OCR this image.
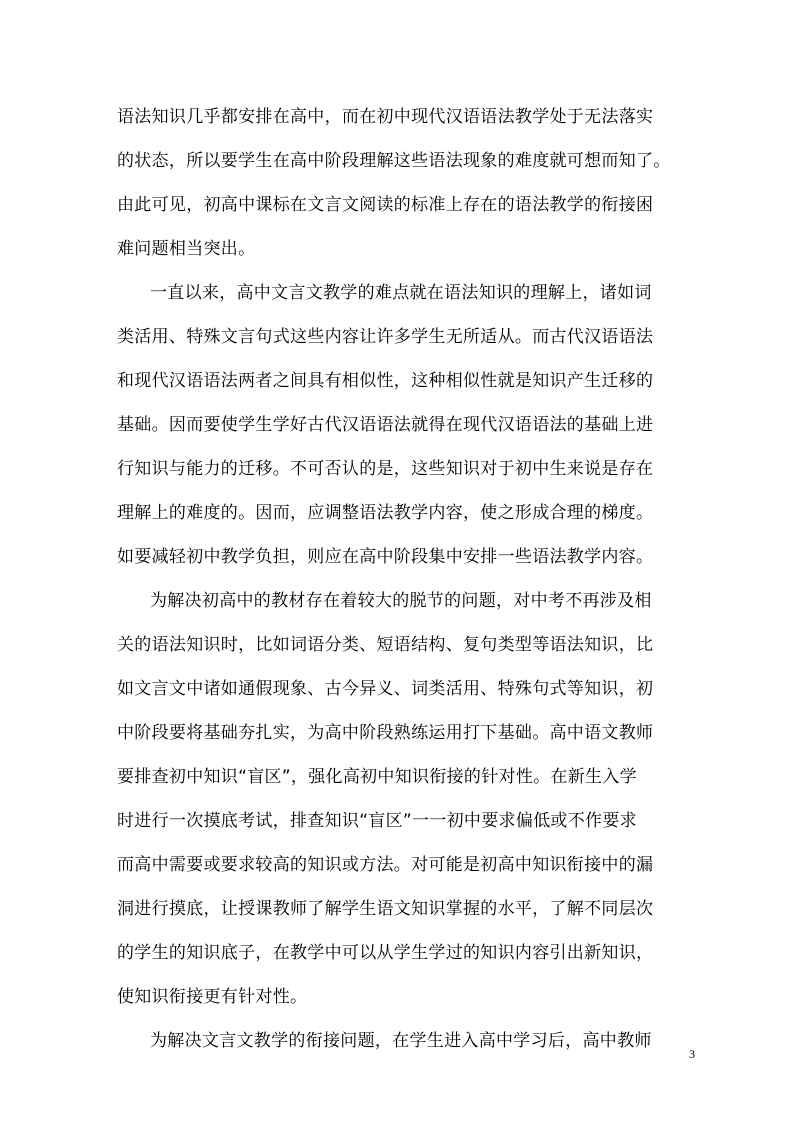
语法知识几乎都安排在高中，而在初中现代汉语语法教学处于无法落实
的状态，所以要学生在高中阶段理解这些语法现象的难度就可想而知了。
由此可见，初高中课标在文言文阅读的标准上存在的语法教学的衔接困
难问题相当突出。
一直以来，高中文言文教学的难点就在语法知识的理解上，诸如词
类活用、特殊文言句式这些内容让许多学生无所适从。而古代汉语语法
和现代汉语语法两者之间具有相似性，这种相似性就是知识产生迁移的
基础。因而要使学生学好古代汉语语法就得在现代汉语语法的基础上进
行知识与能力的迁移。不可否认的是，这些知识对于初中生来说是存在
理解上的难度的。因而，应调整语法教学内容，使之形成合理的梯度。
如要减轻初中教学负担，则应在高中阶段集中安排一些语法教学内容。
为解决初高中的教材存在着较大的脱节的问题，对中考不再涉及相
关的语法知识时，比如词语分类、短语结构、复句类型等语法知识，比
如文言文中诸如通假现象、古今异义、词类活用、特殊句式等知识，初
中阶段要将基础夯扎实，为高中阶段熟练运用打下基础。高中语文教师
要排查初中知识“盲区”，强化高初中知识衔接的针对性。在新生入学
时进行一次摸底考试，排查知识“盲区”一一初中要求偏低或不作要求
而高中需要或要求较高的知识或方法。对可能是初高中知识衔接中的漏
洞进行摸底，让授课教师了解学生语文知识掌握的水平，了解不同层次
的学生的知识底子，在教学中可以从学生学过的知识内容引出新知识，
使知识衔接更有针对性。
为解决文言文教学的衔接问题，在学生进入高中学习后，高中教师
3
